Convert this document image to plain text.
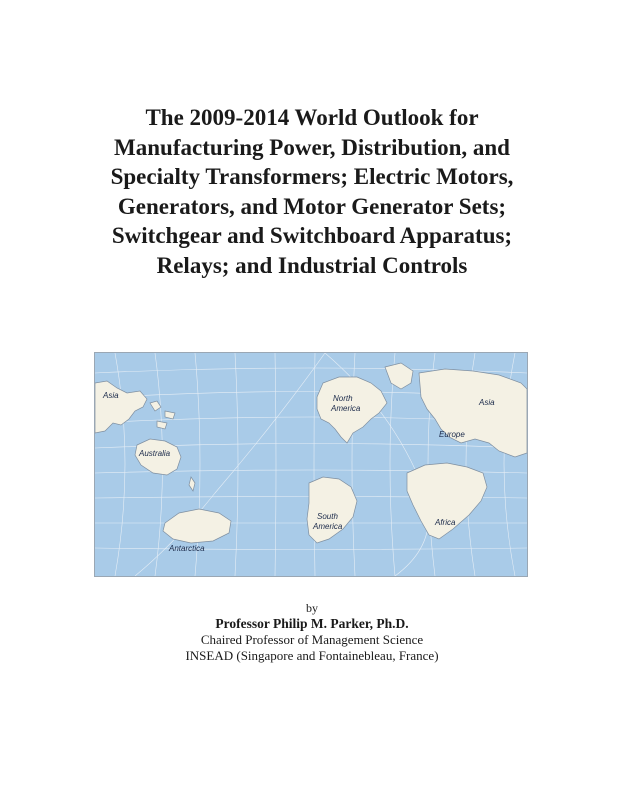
The 2009-2014 World Outlook for
Manufacturing Power, Distribution, and
Specialty Transformers; Electric Motors,
Generators, and Motor Generator Sets;
Switchgear and Switchboard Apparatus;
Relays; and Industrial Controls
Asia
Australia
Antarctica
North
America
Asia
Europe
South
America	Africa
by
Professor Philip M. Parker, Ph.D.
Chaired Professor of Management Science
INSEAD (Singapore and Fontainebleau, France)
